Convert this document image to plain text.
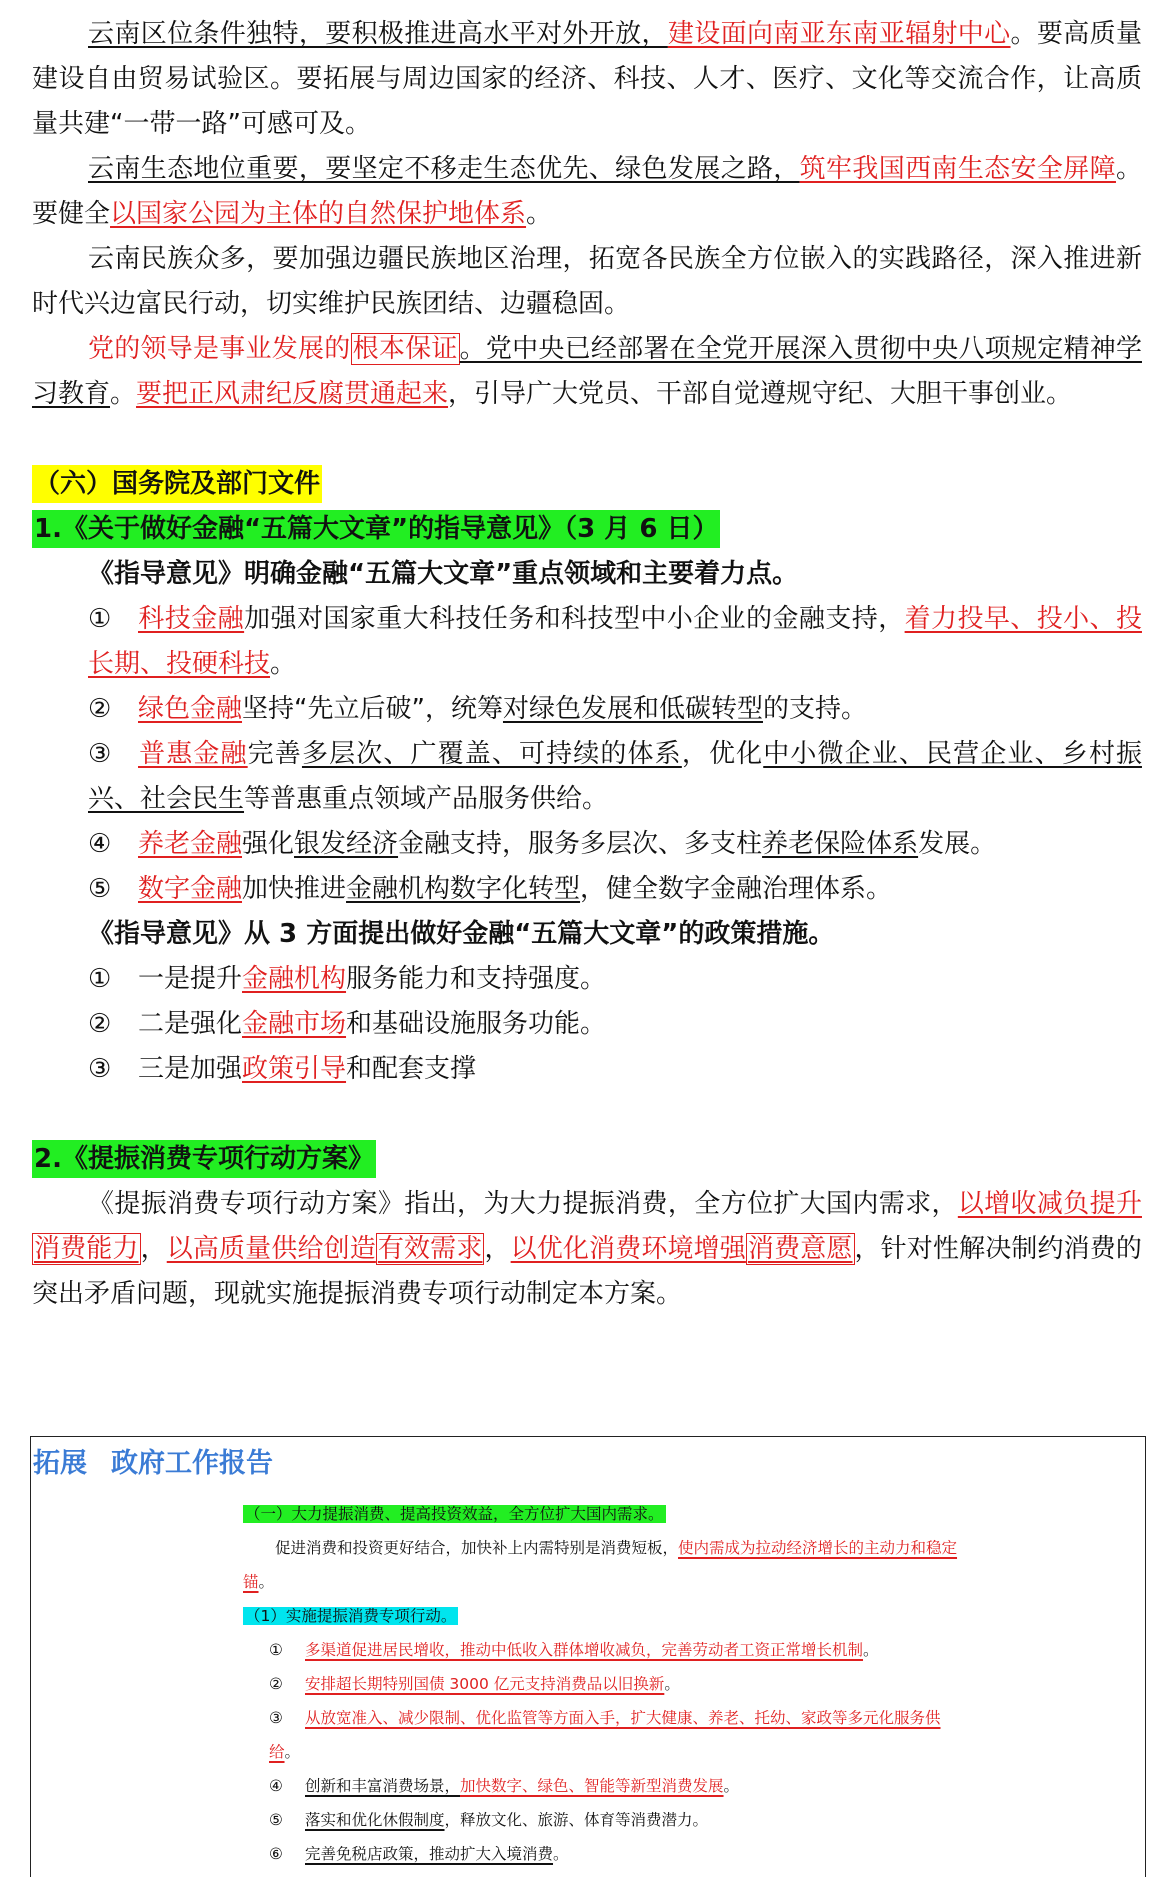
云南区位条件独特，要积极推进高水平对外开放，建设面向南亚东南亚辐射中心。要高质量建设自由贸易试验区。要拓展与周边国家的经济、科技、人才、医疗、文化等交流合作，让高质量共建“一带一路”可感可及。

云南生态地位重要，要坚定不移走生态优先、绿色发展之路，筑牢我国西南生态安全屏障。要健全以国家公园为主体的自然保护地体系。

云南民族众多，要加强边疆民族地区治理，拓宽各民族全方位嵌入的实践路径，深入推进新时代兴边富民行动，切实维护民族团结、边疆稳固。

党的领导是事业发展的根本保证。党中央已经部署在全党开展深入贯彻中央八项规定精神学习教育。要把正风肃纪反腐贯通起来，引导广大党员、干部自觉遵规守纪、大胆干事创业。

（六）国务院及部门文件
1.《关于做好金融“五篇大文章”的指导意见》（3 月 6 日）

《指导意见》明确金融“五篇大文章”重点领域和主要着力点。

① 科技金融加强对国家重大科技任务和科技型中小企业的金融支持，着力投早、投小、投长期、投硬科技。

② 绿色金融坚持“先立后破”，统筹对绿色发展和低碳转型的支持。

③ 普惠金融完善多层次、广覆盖、可持续的体系，优化中小微企业、民营企业、乡村振兴、社会民生等普惠重点领域产品服务供给。

④ 养老金融强化银发经济金融支持，服务多层次、多支柱养老保险体系发展。

⑤ 数字金融加快推进金融机构数字化转型，健全数字金融治理体系。

《指导意见》从 3 方面提出做好金融“五篇大文章”的政策措施。

① 一是提升金融机构服务能力和支持强度。

② 二是强化金融市场和基础设施服务功能。

③ 三是加强政策引导和配套支撑

2.《提振消费专项行动方案》

《提振消费专项行动方案》指出，为大力提振消费，全方位扩大国内需求，以增收减负提升消费能力，以高质量供给创造有效需求，以优化消费环境增强消费意愿，针对性解决制约消费的突出矛盾问题，现就实施提振消费专项行动制定本方案。

拓展 政府工作报告

（一）大力提振消费、提高投资效益，全方位扩大国内需求。

促进消费和投资更好结合，加快补上内需特别是消费短板，使内需成为拉动经济增长的主动力和稳定锚。

（1）实施提振消费专项行动。

① 多渠道促进居民增收，推动中低收入群体增收减负，完善劳动者工资正常增长机制。

② 安排超长期特别国债 3000 亿元支持消费品以旧换新。

③ 从放宽准入、减少限制、优化监管等方面入手，扩大健康、养老、托幼、家政等多元化服务供给。

④ 创新和丰富消费场景，加快数字、绿色、智能等新型消费发展。

⑤ 落实和优化休假制度，释放文化、旅游、体育等消费潜力。

⑥ 完善免税店政策，推动扩大入境消费。
